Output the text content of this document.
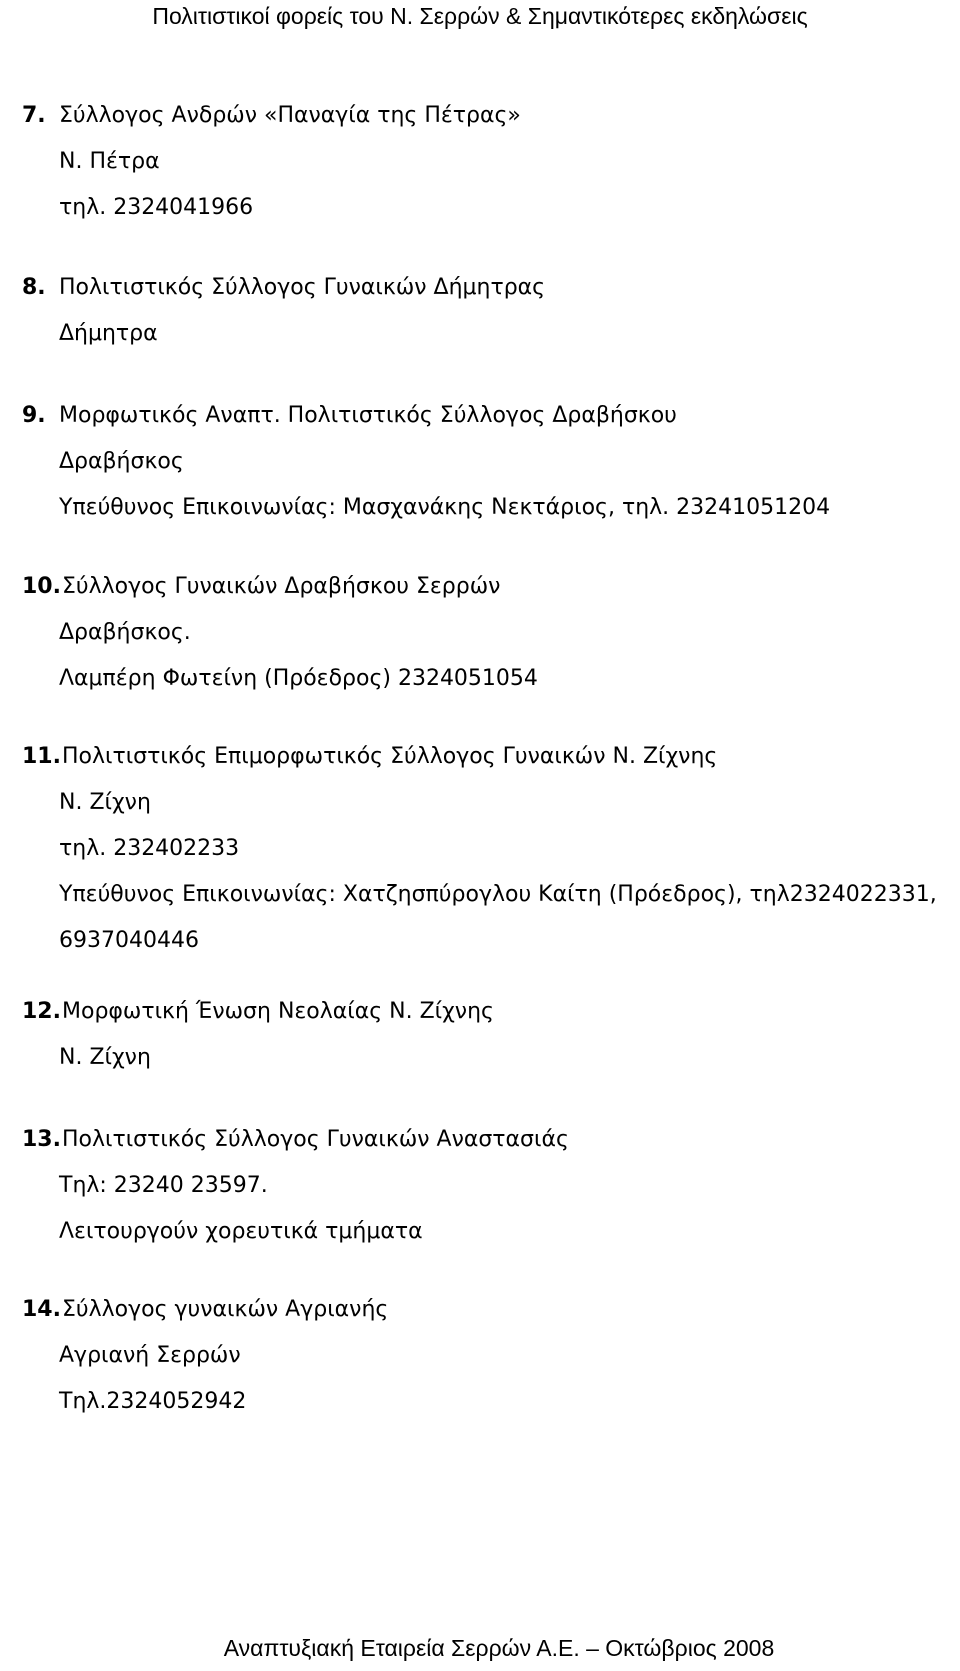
Πολιτιστικοί φορείς του Ν. Σερρών & Σημαντικότερες εκδηλώσεις
7. Σύλλογος Ανδρών «Παναγία της Πέτρας»
Ν. Πέτρα
τηλ. 2324041966
8. Πολιτιστικός Σύλλογος Γυναικών Δήμητρας
Δήμητρα
9. Μορφωτικός Αναπτ. Πολιτιστικός Σύλλογος Δραβήσκου
Δραβήσκος
Υπεύθυνος Επικοινωνίας: Μασχανάκης Νεκτάριος, τηλ. 23241051204
10.Σύλλογος Γυναικών Δραβήσκου Σερρών
Δραβήσκος.
Λαμπέρη Φωτείνη (Πρόεδρος) 2324051054
11.Πολιτιστικός Επιμορφωτικός Σύλλογος Γυναικών Ν. Ζίχνης
Ν. Ζίχνη
τηλ. 232402233
Υπεύθυνος Επικοινωνίας: Χατζησπύρογλου Καίτη (Πρόεδρος), τηλ2324022331,
6937040446
12.Μορφωτική Ένωση Νεολαίας Ν. Ζίχνης
Ν. Ζίχνη
13.Πολιτιστικός Σύλλογος Γυναικών Αναστασιάς
Τηλ: 23240 23597.
Λειτουργούν χορευτικά τμήματα
14.Σύλλογος γυναικών Αγριανής
Αγριανή Σερρών
Τηλ.2324052942
Αναπτυξιακή Εταιρεία Σερρών Α.Ε. – Οκτώβριος 2008
